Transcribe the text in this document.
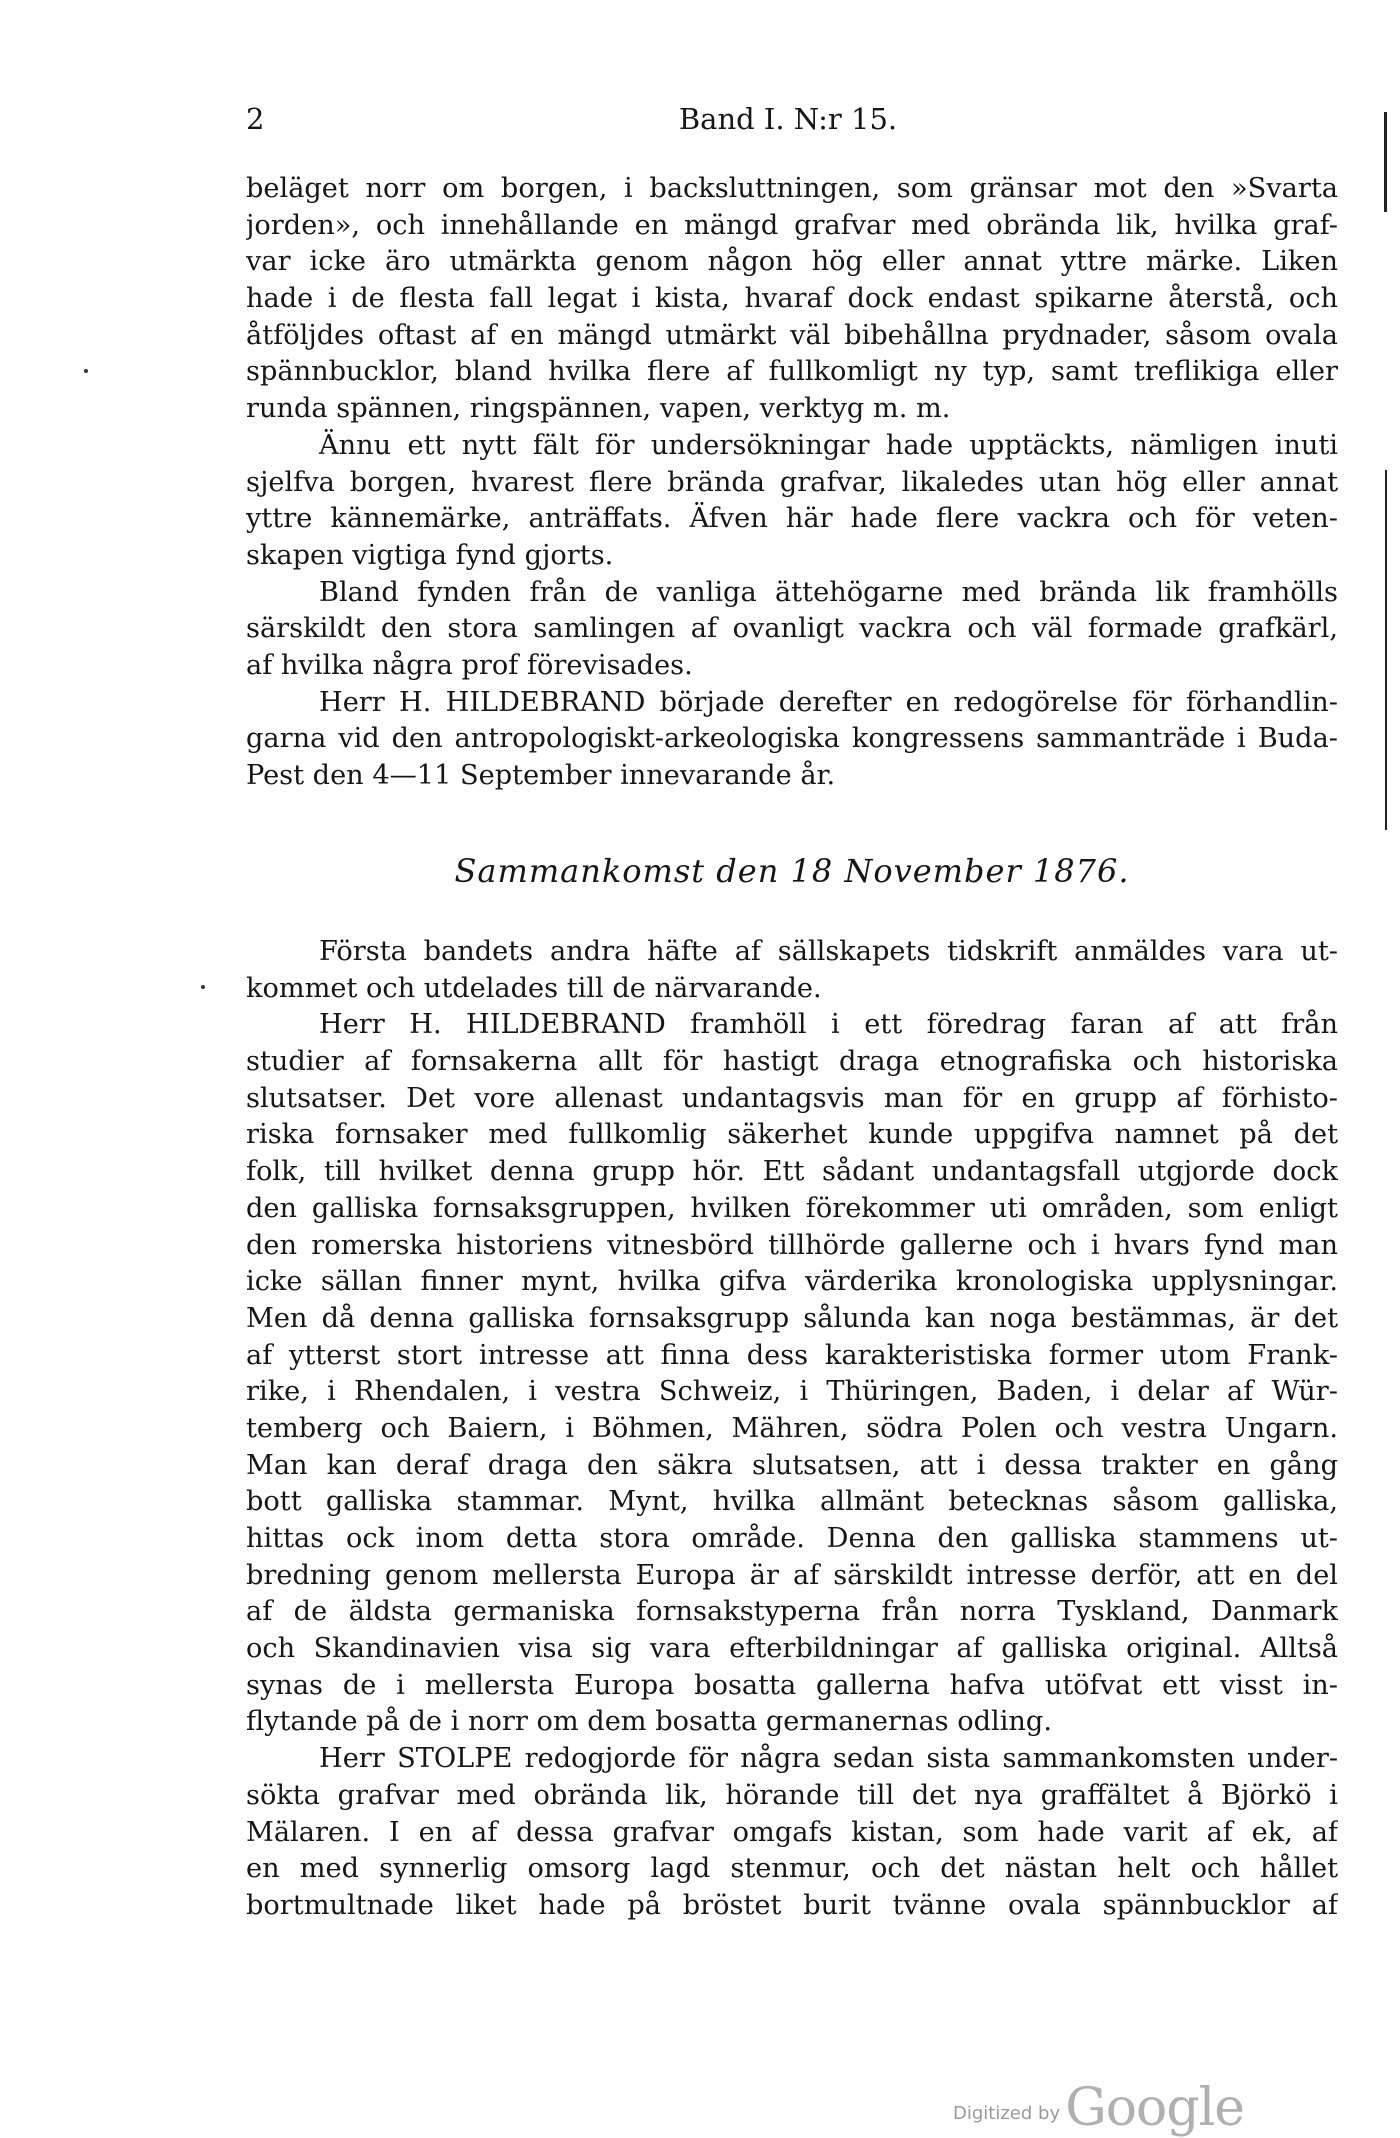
2	Band I. N:r 15.
beläget norr om borgen, i backsluttningen, som gränsar mot den »Svarta
jorden», och innehållande en mängd grafvar med obrända lik, hvilka graf-
var icke äro utmärkta genom någon hög eller annat yttre märke. Liken
hade i de flesta fall legat i kista, hvaraf dock endast spikarne återstå, och
åtföljdes oftast af en mängd utmärkt väl bibehållna prydnader, såsom ovala
spännbucklor, bland hvilka flere af fullkomligt ny typ, samt treflikiga eller
runda spännen, ringspännen, vapen, verktyg m. m.
Ännu ett nytt fält för undersökningar hade upptäckts, nämligen inuti
sjelfva borgen, hvarest flere brända grafvar, likaledes utan hög eller annat
yttre kännemärke, anträffats. Äfven här hade flere vackra och för veten-
skapen vigtiga fynd gjorts.
Bland fynden från de vanliga ättehögarne med brända lik framhölls
särskildt den stora samlingen af ovanligt vackra och väl formade grafkärl,
af hvilka några prof förevisades.
Herr H. HILDEBRAND började derefter en redogörelse för förhandlin-
garna vid den antropologiskt-arkeologiska kongressens sammanträde i Buda-
Pest den 4—11 September innevarande år.
Sammankomst den 18 November 1876.
Första bandets andra häfte af sällskapets tidskrift anmäldes vara ut-
kommet och utdelades till de närvarande.
Herr H. HILDEBRAND framhöll i ett föredrag faran af att från
studier af fornsakerna allt för hastigt draga etnografiska och historiska
slutsatser. Det vore allenast undantagsvis man för en grupp af förhisto-
riska fornsaker med fullkomlig säkerhet kunde uppgifva namnet på det
folk, till hvilket denna grupp hör. Ett sådant undantagsfall utgjorde dock
den galliska fornsaksgruppen, hvilken förekommer uti områden, som enligt
den romerska historiens vitnesbörd tillhörde gallerne och i hvars fynd man
icke sällan finner mynt, hvilka gifva värderika kronologiska upplysningar.
Men då denna galliska fornsaksgrupp sålunda kan noga bestämmas, är det
af ytterst stort intresse att finna dess karakteristiska former utom Frank-
rike, i Rhendalen, i vestra Schweiz, i Thüringen, Baden, i delar af Wür-
temberg och Baiern, i Böhmen, Mähren, södra Polen och vestra Ungarn.
Man kan deraf draga den säkra slutsatsen, att i dessa trakter en gång
bott galliska stammar. Mynt, hvilka allmänt betecknas såsom galliska,
hittas ock inom detta stora område. Denna den galliska stammens ut-
bredning genom mellersta Europa är af särskildt intresse derför, att en del
af de äldsta germaniska fornsakstyperna från norra Tyskland, Danmark
och Skandinavien visa sig vara efterbildningar af galliska original. Alltså
synas de i mellersta Europa bosatta gallerna hafva utöfvat ett visst in-
flytande på de i norr om dem bosatta germanernas odling.
Herr STOLPE redogjorde för några sedan sista sammankomsten under-
sökta grafvar med obrända lik, hörande till det nya graffältet å Björkö i
Mälaren. I en af dessa grafvar omgafs kistan, som hade varit af ek, af
en med synnerlig omsorg lagd stenmur, och det nästan helt och hållet
bortmultnade liket hade på bröstet burit tvänne ovala spännbucklor af
Digitized by Google
